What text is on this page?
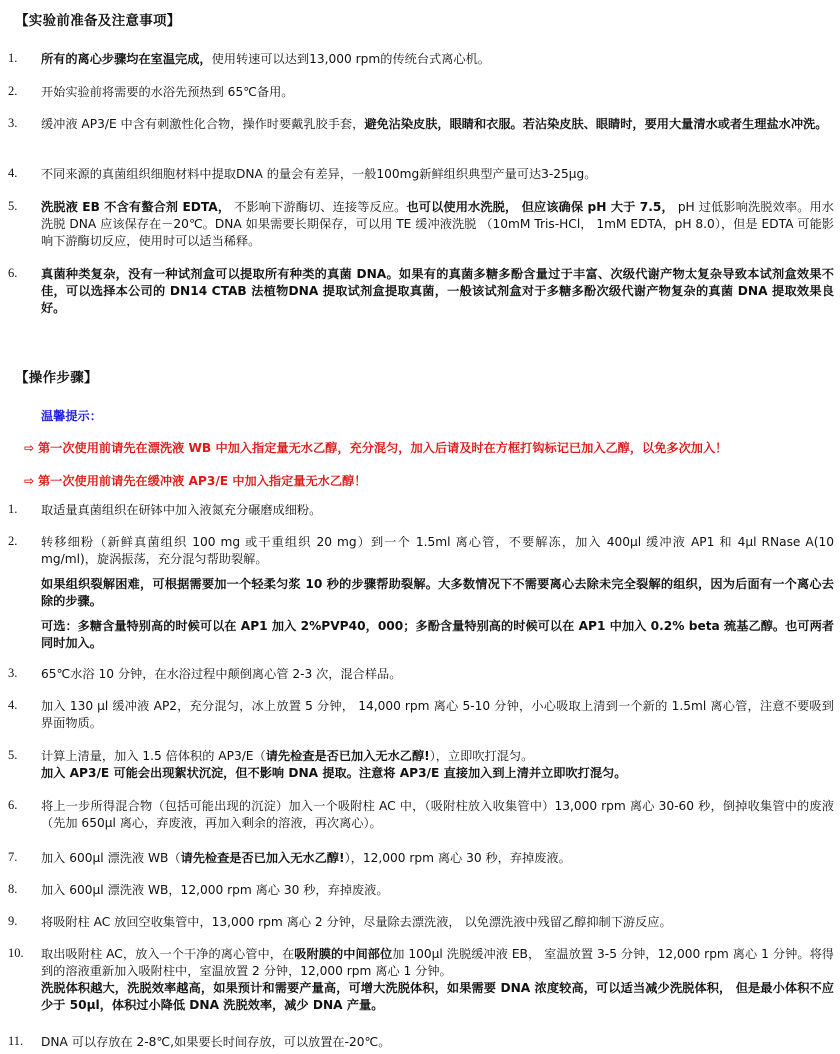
【实验前准备及注意事项】
1.	所有的离心步骤均在室温完成，使用转速可以达到13,000 rpm的传统台式离心机。

2.	开始实验前将需要的水浴先预热到 65℃备用。

3.	缓冲液 AP3/E 中含有刺激性化合物，操作时要戴乳胶手套，避免沾染皮肤，眼睛和衣服。若沾染皮肤、眼睛时，要用大量清水或者生理盐水冲洗。

4.	不同来源的真菌组织细胞材料中提取DNA 的量会有差异，一般100mg新鲜组织典型产量可达3-25μg。

5.	洗脱液 EB 不含有螯合剂 EDTA， 不影响下游酶切、连接等反应。也可以使用水洗脱， 但应该确保 pH 大于 7.5， pH 过低影响洗脱效率。用水洗脱 DNA 应该保存在－20℃。DNA 如果需要长期保存，可以用 TE 缓冲液洗脱 （10mM Tris-HCl， 1mM EDTA，pH 8.0），但是 EDTA 可能影响下游酶切反应，使用时可以适当稀释。

6.	真菌种类复杂，没有一种试剂盒可以提取所有种类的真菌 DNA。如果有的真菌多糖多酚含量过于丰富、次级代谢产物太复杂导致本试剂盒效果不佳，可以选择本公司的 DN14 CTAB 法植物DNA 提取试剂盒提取真菌，一般该试剂盒对于多糖多酚次级代谢产物复杂的真菌 DNA 提取效果良好。

【操作步骤】
温馨提示：
⇨ 第一次使用前请先在漂洗液 WB 中加入指定量无水乙醇，充分混匀，加入后请及时在方框打钩标记已加入乙醇，以免多次加入！
⇨ 第一次使用前请先在缓冲液 AP3/E 中加入指定量无水乙醇！
1.	取适量真菌组织在研钵中加入液氮充分碾磨成细粉。

2.	转移细粉（新鲜真菌组织 100 mg 或干重组织 20 mg）到一个 1.5ml 离心管，不要解冻，加入 400μl 缓冲液 AP1 和 4μl RNase A(10 mg/ml)，旋涡振荡，充分混匀帮助裂解。

如果组织裂解困难，可根据需要加一个轻柔匀浆 10 秒的步骤帮助裂解。大多数情况下不需要离心去除未完全裂解的组织，因为后面有一个离心去除的步骤。

可选：多糖含量特别高的时候可以在 AP1 加入 2%PVP40，000；多酚含量特别高的时候可以在 AP1 中加入 0.2% beta 巯基乙醇。也可两者同时加入。

3.	65℃水浴 10 分钟，在水浴过程中颠倒离心管 2-3 次，混合样品。

4.	加入 130 μl 缓冲液 AP2，充分混匀，冰上放置 5 分钟， 14,000 rpm 离心 5-10 分钟，小心吸取上清到一个新的 1.5ml 离心管，注意不要吸到界面物质。

5.	计算上清量，加入 1.5 倍体积的 AP3/E（请先检查是否已加入无水乙醇!），立即吹打混匀。

加入 AP3/E 可能会出现絮状沉淀，但不影响 DNA 提取。注意将 AP3/E 直接加入到上清并立即吹打混匀。

6.	将上一步所得混合物（包括可能出现的沉淀）加入一个吸附柱 AC 中，（吸附柱放入收集管中）13,000 rpm 离心 30-60 秒，倒掉收集管中的废液（先加 650μl 离心，弃废液，再加入剩余的溶液，再次离心）。

7.	加入 600μl 漂洗液 WB（请先检查是否已加入无水乙醇!），12,000 rpm 离心 30 秒，弃掉废液。

8.	加入 600μl 漂洗液 WB，12,000 rpm 离心 30 秒，弃掉废液。

9.	将吸附柱 AC 放回空收集管中，13,000 rpm 离心 2 分钟，尽量除去漂洗液， 以免漂洗液中残留乙醇抑制下游反应。

10.	取出吸附柱 AC，放入一个干净的离心管中，在吸附膜的中间部位加 100μl 洗脱缓冲液 EB， 室温放置 3-5 分钟，12,000 rpm 离心 1 分钟。将得到的溶液重新加入吸附柱中，室温放置 2 分钟，12,000 rpm 离心 1 分钟。

洗脱体积越大，洗脱效率越高，如果预计和需要产量高，可增大洗脱体积，如果需要 DNA 浓度较高，可以适当减少洗脱体积， 但是最小体积不应少于 50μl，体积过小降低 DNA 洗脱效率，减少 DNA 产量。

11.	DNA 可以存放在 2-8℃,如果要长时间存放，可以放置在-20℃。
